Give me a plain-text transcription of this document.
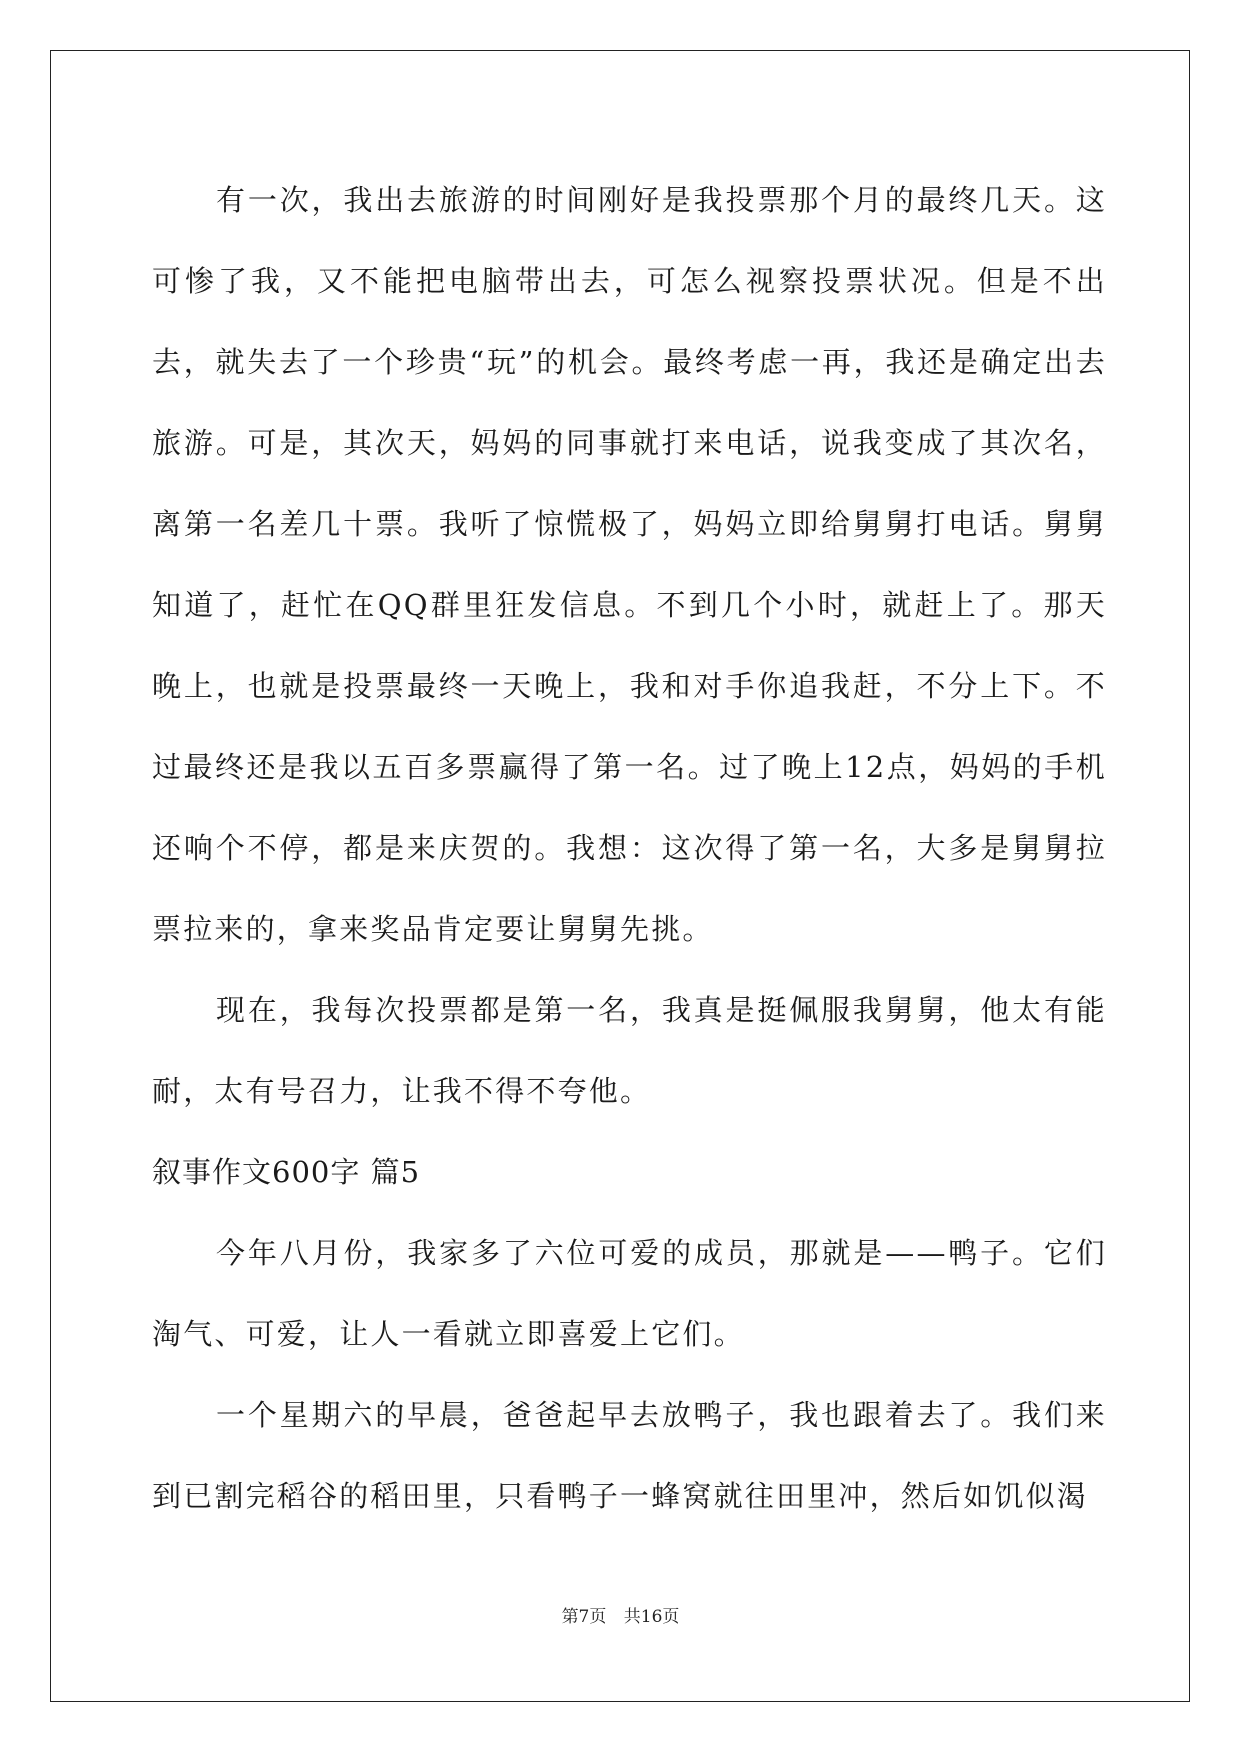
有一次，我出去旅游的时间刚好是我投票那个月的最终几天。这可惨了我，又不能把电脑带出去，可怎么视察投票状况。但是不出去，就失去了一个珍贵“玩”的机会。最终考虑一再，我还是确定出去旅游。可是，其次天，妈妈的同事就打来电话，说我变成了其次名，离第一名差几十票。我听了惊慌极了，妈妈立即给舅舅打电话。舅舅知道了，赶忙在QQ群里狂发信息。不到几个小时，就赶上了。那天晚上，也就是投票最终一天晚上，我和对手你追我赶，不分上下。不过最终还是我以五百多票赢得了第一名。过了晚上12点，妈妈的手机还响个不停，都是来庆贺的。我想：这次得了第一名，大多是舅舅拉票拉来的，拿来奖品肯定要让舅舅先挑。

现在，我每次投票都是第一名，我真是挺佩服我舅舅，他太有能耐，太有号召力，让我不得不夸他。

叙事作文600字 篇5

今年八月份，我家多了六位可爱的成员，那就是——鸭子。它们淘气、可爱，让人一看就立即喜爱上它们。

一个星期六的早晨，爸爸起早去放鸭子，我也跟着去了。我们来到已割完稻谷的稻田里，只看鸭子一蜂窝就往田里冲，然后如饥似渴

第7页 共16页
